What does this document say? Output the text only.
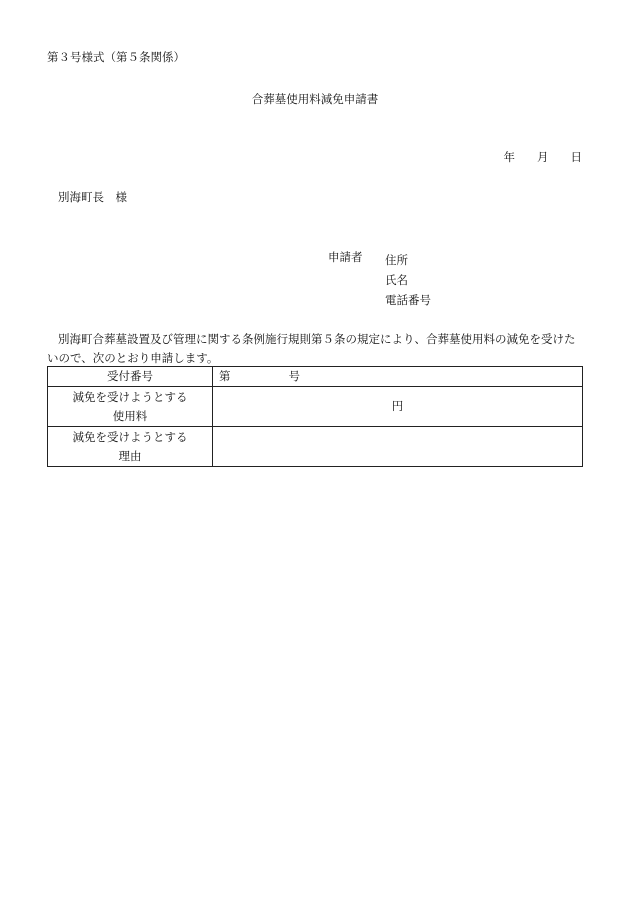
第３号様式（第５条関係）
合葬墓使用料減免申請書
年 月 日
別海町長　様
申請者 住所
氏名
電話番号
別海町合葬墓設置及び管理に関する条例施行規則第５条の規定により、合葬墓使用料の減免を受けたいので、次のとおり申請します。
受付番号	第 号

減免を受けようとする
使用料	円

減免を受けようとする
理由	
